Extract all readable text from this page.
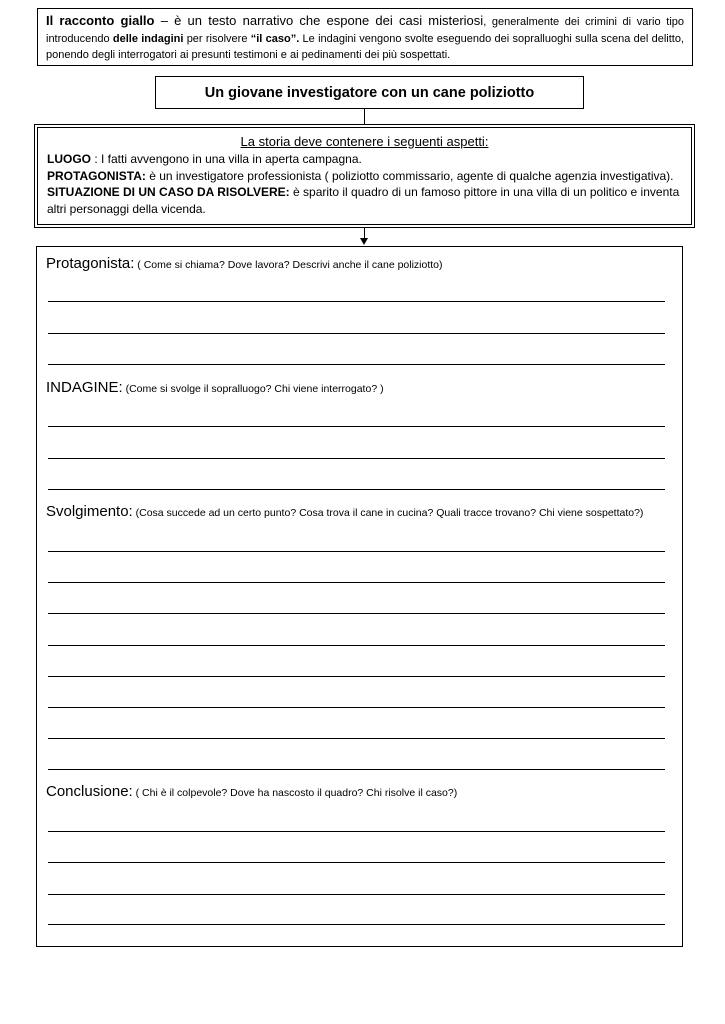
Il racconto giallo – è un testo narrativo che espone dei casi misteriosi, generalmente dei crimini di vario tipo introducendo delle indagini per risolvere “il caso”. Le indagini vengono svolte eseguendo dei sopralluoghi sulla scena del delitto, ponendo degli interrogatori ai presunti testimoni e ai pedinamenti dei più sospettati.
Un giovane investigatore con un cane poliziotto
La storia deve contenere i seguenti aspetti:
LUOGO : I fatti avvengono in una villa in aperta campagna.
PROTAGONISTA: è un investigatore professionista ( poliziotto commissario, agente di qualche agenzia investigativa).
SITUAZIONE DI UN CASO DA RISOLVERE: è sparito il quadro di un famoso pittore in una villa di un politico e inventa altri personaggi della vicenda.
Protagonista: ( Come si chiama? Dove lavora? Descrivi anche il cane poliziotto)
INDAGINE: (Come si svolge il sopralluogo? Chi viene interrogato? )
Svolgimento: (Cosa succede ad un certo punto? Cosa trova il cane in cucina? Quali tracce trovano? Chi viene sospettato?)
Conclusione: ( Chi è il colpevole? Dove ha nascosto il quadro? Chi risolve il caso?)
